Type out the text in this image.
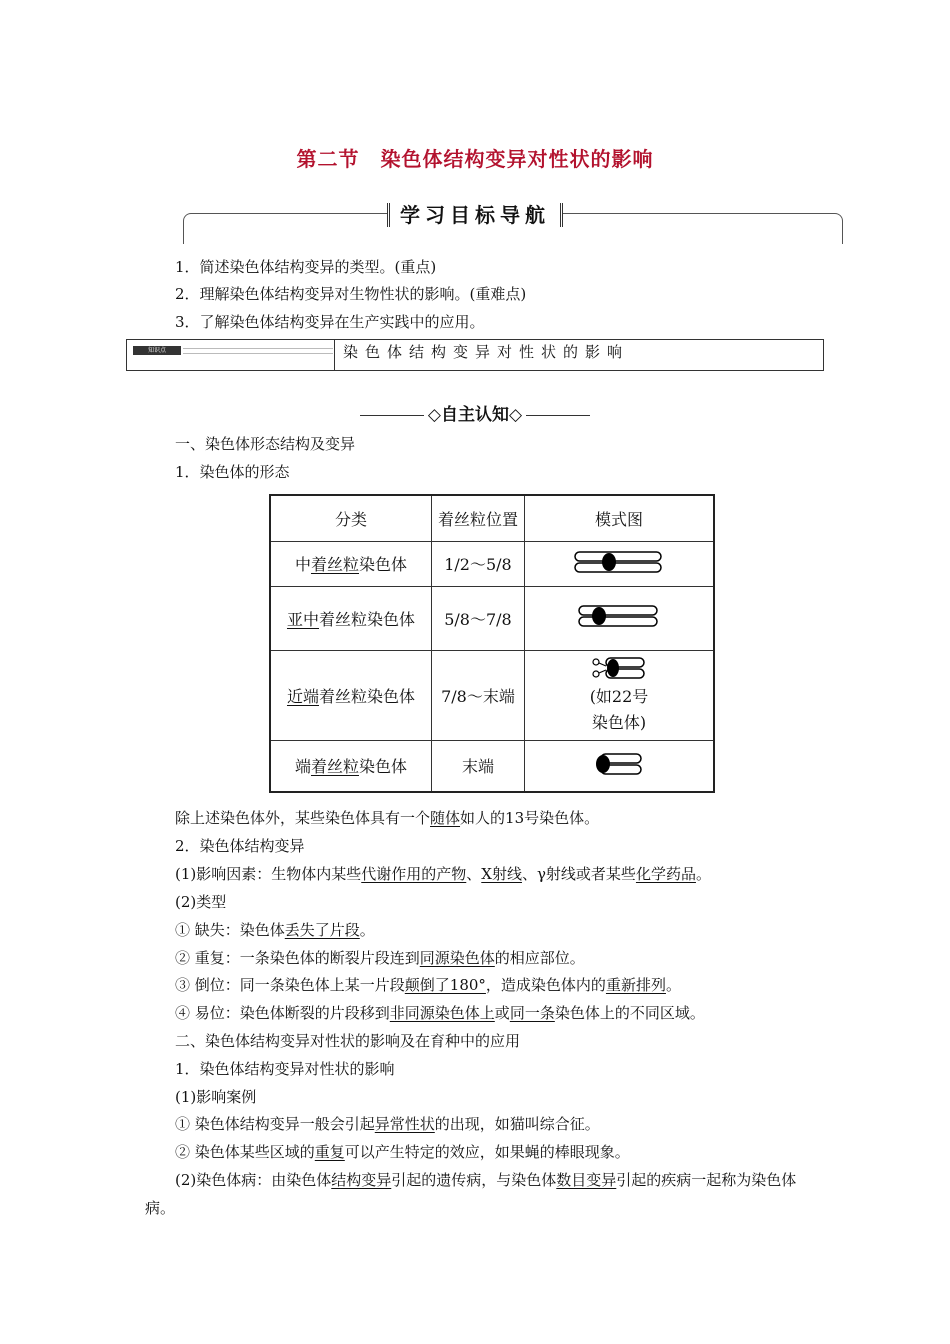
第二节　染色体结构变异对性状的影响
学习目标导航
1．简述染色体结构变异的类型。(重点)
2．理解染色体结构变异对生物性状的影响。(重难点)
3．了解染色体结构变异在生产实践中的应用。
知识点	染色体结构变异对性状的影响
◇自主认知◇
一、染色体形态结构及变异
1．染色体的形态
分类	着丝粒位置	模式图
中着丝粒染色体	1/2～5/8	
亚中着丝粒染色体	5/8～7/8	
近端着丝粒染色体	7/8～末端	(如22号染色体)

端着丝粒染色体	末端	
除上述染色体外，某些染色体具有一个随体如人的13号染色体。
2．染色体结构变异
(1)影响因素：生物体内某些代谢作用的产物、X射线、γ射线或者某些化学药品。
(2)类型
① 缺失：染色体丢失了片段。
② 重复：一条染色体的断裂片段连到同源染色体的相应部位。
③ 倒位：同一条染色体上某一片段颠倒了180°，造成染色体内的重新排列。
④ 易位：染色体断裂的片段移到非同源染色体上或同一条染色体上的不同区域。
二、染色体结构变异对性状的影响及在育种中的应用
1．染色体结构变异对性状的影响
(1)影响案例
① 染色体结构变异一般会引起异常性状的出现，如猫叫综合征。
② 染色体某些区域的重复可以产生特定的效应，如果蝇的棒眼现象。
(2)染色体病：由染色体结构变异引起的遗传病，与染色体数目变异引起的疾病一起称为染色体病。
